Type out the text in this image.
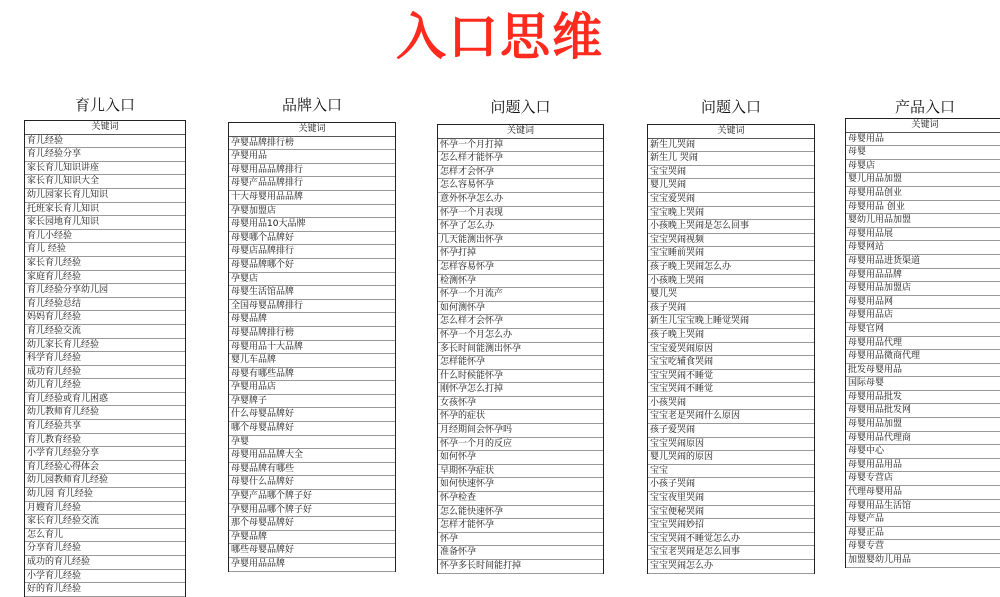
入口思维
育儿入口
关键词
育儿经验
育儿经验分享
家长育儿知识讲座
家长育儿知识大全
幼儿园家长育儿知识
托班家长育儿知识
家长园地育儿知识
育儿小经验
育儿 经验
家长育儿经验
家庭育儿经验
育儿经验分享幼儿园
育儿经验总结
妈妈育儿经验
育儿经验交流
幼儿家长育儿经验
科学育儿经验
成功育儿经验
幼儿育儿经验
育儿经验或育儿困惑
幼儿教师育儿经验
育儿经验共享
育儿教育经验
小学育儿经验分享
育儿经验心得体会
幼儿园教师育儿经验
幼儿园 育儿经验
月嫂育儿经验
家长育儿经验交流
怎么育儿
分享育儿经验
成功的育儿经验
小学育儿经验
好的育儿经验
品牌入口
关键词
孕婴品牌排行榜
孕婴用品
母婴用品品牌排行
母婴产品品牌排行
十大母婴用品品牌
孕婴加盟店
母婴用品10大品牌
母婴哪个品牌好
母婴店品牌排行
母婴品牌哪个好
孕婴店
母婴生活馆品牌
全国母婴品牌排行
母婴品牌
母婴品牌排行榜
母婴用品十大品牌
婴儿车品牌
母婴有哪些品牌
孕婴用品店
孕婴牌子
什么母婴品牌好
哪个母婴品牌好
孕婴
母婴用品品牌大全
母婴品牌有哪些
母婴什么品牌好
孕婴产品哪个牌子好
孕婴用品哪个牌子好
那个母婴品牌好
孕婴品牌
哪些母婴品牌好
孕婴用品品牌
问题入口
关键词
怀孕一个月打掉
怎么样才能怀孕
怎样才会怀孕
怎么容易怀孕
意外怀孕怎么办
怀孕一个月表现
怀孕了怎么办
几天能测出怀孕
怀孕打掉
怎样容易怀孕
检测怀孕
怀孕一个月流产
如何测怀孕
怎么样才会怀孕
怀孕一个月怎么办
多长时间能测出怀孕
怎样能怀孕
什么时候能怀孕
刚怀孕怎么打掉
女孩怀孕
怀孕的症状
月经期间会怀孕吗
怀孕一个月的反应
如何怀孕
早期怀孕症状
如何快速怀孕
怀孕检查
怎么能快速怀孕
怎样才能怀孕
怀孕
准备怀孕
怀孕多长时间能打掉
问题入口
关键词
新生儿哭闹
新生儿 哭闹
宝宝哭闹
婴儿哭闹
宝宝爱哭闹
宝宝晚上哭闹
小孩晚上哭闹是怎么回事
宝宝哭闹视频
宝宝睡前哭闹
孩子晚上哭闹怎么办
小孩晚上哭闹
婴儿哭
孩子哭闹
新生儿宝宝晚上睡觉哭闹
孩子晚上哭闹
宝宝爱哭闹原因
宝宝吃辅食哭闹
宝宝哭闹不睡觉
宝宝哭闹不睡觉
小孩哭闹
宝宝老是哭闹什么原因
孩子爱哭闹
宝宝哭闹原因
婴儿哭闹的原因
宝宝
小孩子哭闹
宝宝夜里哭闹
宝宝便秘哭闹
宝宝哭闹妙招
宝宝哭闹不睡觉怎么办
宝宝老哭闹是怎么回事
宝宝哭闹怎么办
产品入口
关键词
母婴用品
母婴
母婴店
婴儿用品加盟
母婴用品创业
母婴用品 创业
婴幼儿用品加盟
母婴用品展
母婴网站
母婴用品进货渠道
母婴用品品牌
母婴用品加盟店
母婴用品网
母婴用品店
母婴官网
母婴用品代理
母婴用品微商代理
批发母婴用品
国际母婴
母婴用品批发
母婴用品批发网
母婴用品加盟
母婴用品代理商
母婴中心
母婴用品用品
母婴专营店
代理母婴用品
母婴用品生活馆
母婴产品
母婴正品
母婴专营
加盟婴幼儿用品
